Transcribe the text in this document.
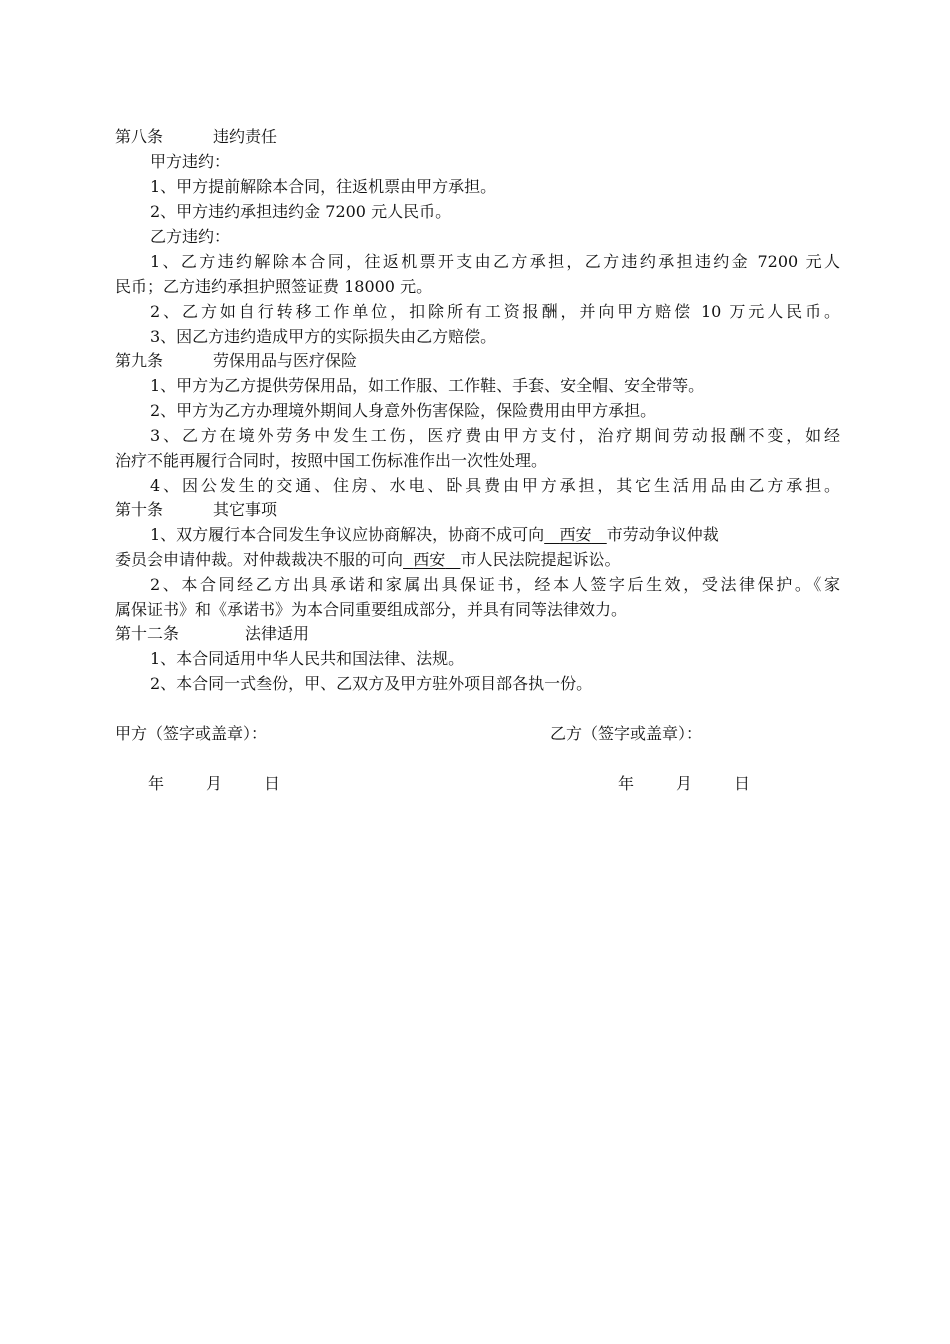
第八条	违约责任
甲方违约：
1、甲方提前解除本合同，往返机票由甲方承担。
2、甲方违约承担违约金 7200 元人民币。
乙方违约：
1、乙方违约解除本合同，往返机票开支由乙方承担，乙方违约承担违约金 7200 元人
民币；乙方违约承担护照签证费 18000 元。
2、乙方如自行转移工作单位，扣除所有工资报酬，并向甲方赔偿 10 万元人民币。
3、因乙方违约造成甲方的实际损失由乙方赔偿。
第九条	劳保用品与医疗保险
1、甲方为乙方提供劳保用品，如工作服、工作鞋、手套、安全帽、安全带等。
2、甲方为乙方办理境外期间人身意外伤害保险，保险费用由甲方承担。
3、乙方在境外劳务中发生工伤，医疗费由甲方支付，治疗期间劳动报酬不变，如经
治疗不能再履行合同时，按照中国工伤标准作出一次性处理。
4、因公发生的交通、住房、水电、卧具费由甲方承担，其它生活用品由乙方承担。
第十条	其它事项
1、双方履行本合同发生争议应协商解决，协商不成可向 西安 市劳动争议仲裁
委员会申请仲裁。对仲裁裁决不服的可向 西安 市人民法院提起诉讼。
2、本合同经乙方出具承诺和家属出具保证书，经本人签字后生效，受法律保护。《家
属保证书》和《承诺书》为本合同重要组成部分，并具有同等法律效力。
第十二条	法律适用
1、本合同适用中华人民共和国法律、法规。
2、本合同一式叁份，甲、乙双方及甲方驻外项目部各执一份。
甲方（签字或盖章）：	乙方（签字或盖章）：
年	月	日	年	月	日
